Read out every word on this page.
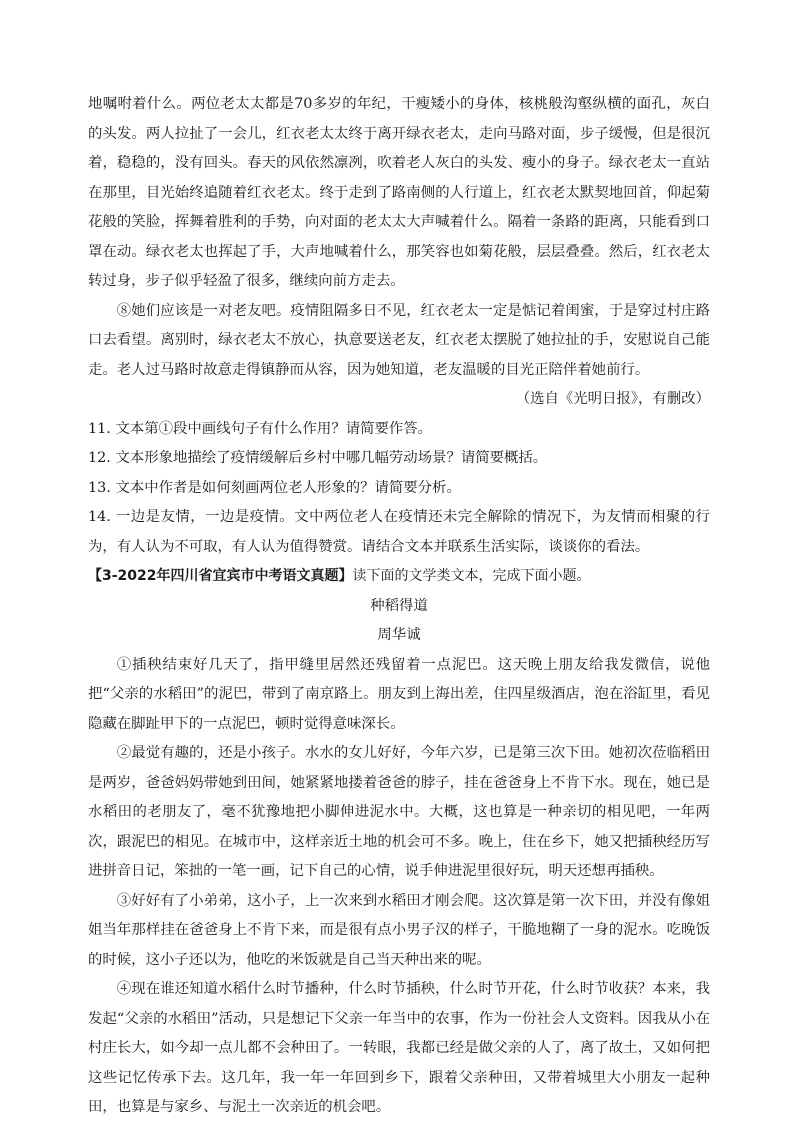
地嘱咐着什么。两位老太太都是70多岁的年纪，干瘦矮小的身体，核桃般沟壑纵横的面孔，灰白的头发。两人拉扯了一会儿，红衣老太太终于离开绿衣老太，走向马路对面，步子缓慢，但是很沉着，稳稳的，没有回头。春天的风依然凛冽，吹着老人灰白的头发、瘦小的身子。绿衣老太一直站在那里，目光始终追随着红衣老太。终于走到了路南侧的人行道上，红衣老太默契地回首，仰起菊花般的笑脸，挥舞着胜利的手势，向对面的老太太大声喊着什么。隔着一条路的距离，只能看到口罩在动。绿衣老太也挥起了手，大声地喊着什么，那笑容也如菊花般，层层叠叠。然后，红衣老太转过身，步子似乎轻盈了很多，继续向前方走去。

⑧她们应该是一对老友吧。疫情阻隔多日不见，红衣老太一定是惦记着闺蜜，于是穿过村庄路口去看望。离别时，绿衣老太不放心，执意要送老友，红衣老太摆脱了她拉扯的手，安慰说自己能走。老人过马路时故意走得镇静而从容，因为她知道，老友温暖的目光正陪伴着她前行。

（选自《光明日报》，有删改）

11. 文本第①段中画线句子有什么作用？请简要作答。

12. 文本形象地描绘了疫情缓解后乡村中哪几幅劳动场景？请简要概括。

13. 文本中作者是如何刻画两位老人形象的？请简要分析。

14. 一边是友情，一边是疫情。文中两位老人在疫情还未完全解除的情况下，为友情而相聚的行为，有人认为不可取，有人认为值得赞赏。请结合文本并联系生活实际，谈谈你的看法。

【3-2022年四川省宜宾市中考语文真题】读下面的文学类文本，完成下面小题。

种稻得道

周华诚

①插秧结束好几天了，指甲缝里居然还残留着一点泥巴。这天晚上朋友给我发微信，说他把“父亲的水稻田”的泥巴，带到了南京路上。朋友到上海出差，住四星级酒店，泡在浴缸里，看见隐藏在脚趾甲下的一点泥巴，顿时觉得意味深长。

②最觉有趣的，还是小孩子。水水的女儿好好，今年六岁，已是第三次下田。她初次莅临稻田是两岁，爸爸妈妈带她到田间，她紧紧地搂着爸爸的脖子，挂在爸爸身上不肯下水。现在，她已是水稻田的老朋友了，毫不犹豫地把小脚伸进泥水中。大概，这也算是一种亲切的相见吧，一年两次，跟泥巴的相见。在城市中，这样亲近土地的机会可不多。晚上，住在乡下，她又把插秧经历写进拼音日记，笨拙的一笔一画，记下自己的心情，说手伸进泥里很好玩，明天还想再插秧。

③好好有了小弟弟，这小子，上一次来到水稻田才刚会爬。这次算是第一次下田，并没有像姐姐当年那样挂在爸爸身上不肯下来，而是很有点小男子汉的样子，干脆地糊了一身的泥水。吃晚饭的时候，这小子还以为，他吃的米饭就是自己当天种出来的呢。

④现在谁还知道水稻什么时节播种，什么时节插秧，什么时节开花，什么时节收获？本来，我发起“父亲的水稻田”活动，只是想记下父亲一年当中的农事，作为一份社会人文资料。因我从小在村庄长大，如今却一点儿都不会种田了。一转眼，我都已经是做父亲的人了，离了故土，又如何把这些记忆传承下去。这几年，我一年一年回到乡下，跟着父亲种田，又带着城里大小朋友一起种田，也算是与家乡、与泥土一次亲近的机会吧。
